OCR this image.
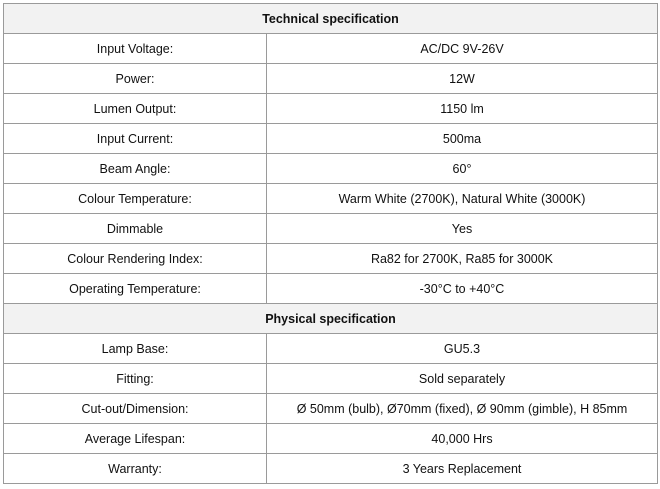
Technical specification	
Input Voltage:	AC/DC 9V-26V
Power:	12W
Lumen Output:	1150 lm
Input Current:	500ma
Beam Angle:	60°
Colour Temperature:	Warm White (2700K), Natural White (3000K)
Dimmable	Yes
Colour Rendering Index:	Ra82 for 2700K, Ra85 for 3000K
Operating Temperature:	-30°C to +40°C
Physical specification	
Lamp Base:	GU5.3
Fitting:	Sold separately
Cut-out/Dimension:	Ø 50mm (bulb), Ø70mm (fixed), Ø 90mm (gimble), H 85mm
Average Lifespan:	40,000 Hrs
Warranty:	3 Years Replacement
